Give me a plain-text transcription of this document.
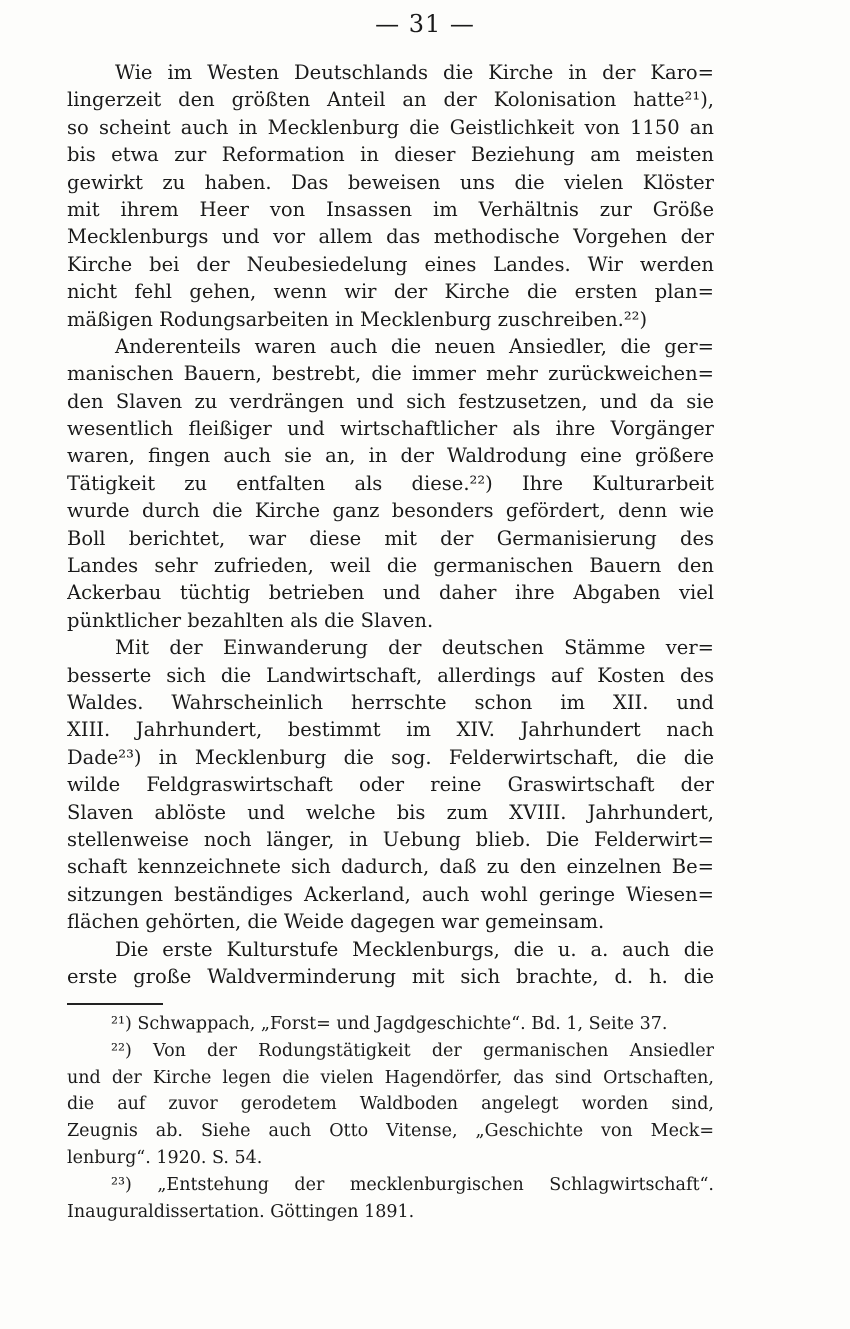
— 31 —
Wie im Westen Deutschlands die Kirche in der Karo=
lingerzeit den größten Anteil an der Kolonisation hatte²¹),
so scheint auch in Mecklenburg die Geistlichkeit von 1150 an
bis etwa zur Reformation in dieser Beziehung am meisten
gewirkt zu haben. Das beweisen uns die vielen Klöster
mit ihrem Heer von Insassen im Verhältnis zur Größe
Mecklenburgs und vor allem das methodische Vorgehen der
Kirche bei der Neubesiedelung eines Landes. Wir werden
nicht fehl gehen, wenn wir der Kirche die ersten plan=
mäßigen Rodungsarbeiten in Mecklenburg zuschreiben.²²)
Anderenteils waren auch die neuen Ansiedler, die ger=
manischen Bauern, bestrebt, die immer mehr zurückweichen=
den Slaven zu verdrängen und sich festzusetzen, und da sie
wesentlich fleißiger und wirtschaftlicher als ihre Vorgänger
waren, fingen auch sie an, in der Waldrodung eine größere
Tätigkeit zu entfalten als diese.²²) Ihre Kulturarbeit
wurde durch die Kirche ganz besonders gefördert, denn wie
Boll berichtet, war diese mit der Germanisierung des
Landes sehr zufrieden, weil die germanischen Bauern den
Ackerbau tüchtig betrieben und daher ihre Abgaben viel
pünktlicher bezahlten als die Slaven.
Mit der Einwanderung der deutschen Stämme ver=
besserte sich die Landwirtschaft, allerdings auf Kosten des
Waldes. Wahrscheinlich herrschte schon im XII. und
XIII. Jahrhundert, bestimmt im XIV. Jahrhundert nach
Dade²³) in Mecklenburg die sog. Felderwirtschaft, die die
wilde Feldgraswirtschaft oder reine Graswirtschaft der
Slaven ablöste und welche bis zum XVIII. Jahrhundert,
stellenweise noch länger, in Uebung blieb. Die Felderwirt=
schaft kennzeichnete sich dadurch, daß zu den einzelnen Be=
sitzungen beständiges Ackerland, auch wohl geringe Wiesen=
flächen gehörten, die Weide dagegen war gemeinsam.
Die erste Kulturstufe Mecklenburgs, die u. a. auch die
erste große Waldverminderung mit sich brachte, d. h. die
²¹) Schwappach, „Forst= und Jagdgeschichte“. Bd. 1, Seite 37.
²²) Von der Rodungstätigkeit der germanischen Ansiedler
und der Kirche legen die vielen Hagendörfer, das sind Ortschaften,
die auf zuvor gerodetem Waldboden angelegt worden sind,
Zeugnis ab. Siehe auch Otto Vitense, „Geschichte von Meck=
lenburg“. 1920. S. 54.
²³) „Entstehung der mecklenburgischen Schlagwirtschaft“.
Inauguraldissertation. Göttingen 1891.
